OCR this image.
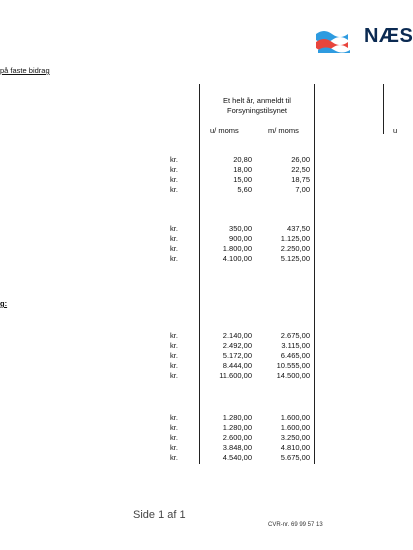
NÆS
på faste bidrag
Et helt år, anmeldt til
Forsyningstilsynet
u/ moms	m/ moms	u
g:
kr.	20,80	26,00
kr.	18,00	22,50
kr.	15,00	18,75
kr.	5,60	7,00
kr.	350,00	437,50
kr.	900,00	1.125,00
kr.	1.800,00	2.250,00
kr.	4.100,00	5.125,00
kr.	2.140,00	2.675,00
kr.	2.492,00	3.115,00
kr.	5.172,00	6.465,00
kr.	8.444,00	10.555,00
kr.	11.600,00	14.500,00
kr.	1.280,00	1.600,00
kr.	1.280,00	1.600,00
kr.	2.600,00	3.250,00
kr.	3.848,00	4.810,00
kr.	4.540,00	5.675,00
Side 1 af 1
CVR-nr. 69 99 57 13
